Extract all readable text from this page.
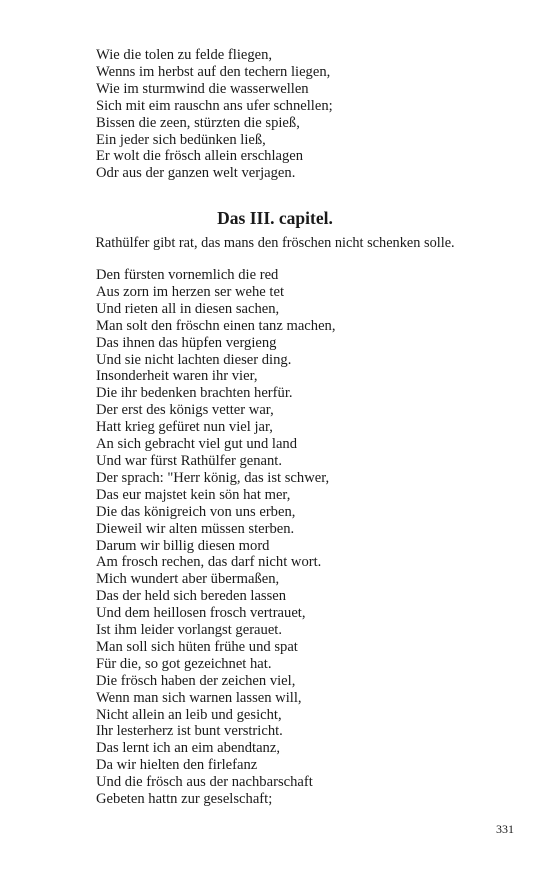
Wie die tolen zu felde fliegen,
Wenns im herbst auf den techern liegen,
Wie im sturmwind die wasserwellen
Sich mit eim rauschn ans ufer schnellen;
Bissen die zeen, stürzten die spieß,
Ein jeder sich bedünken ließ,
Er wolt die frösch allein erschlagen
Odr aus der ganzen welt verjagen.
Das III. capitel.
Rathülfer gibt rat, das mans den fröschen nicht schenken solle.
Den fürsten vornemlich die red
Aus zorn im herzen ser wehe tet
Und rieten all in diesen sachen,
Man solt den fröschn einen tanz machen,
Das ihnen das hüpfen vergieng
Und sie nicht lachten dieser ding.
Insonderheit waren ihr vier,
Die ihr bedenken brachten herfür.
Der erst des königs vetter war,
Hatt krieg gefüret nun viel jar,
An sich gebracht viel gut und land
Und war fürst Rathülfer genant.
Der sprach: "Herr könig, das ist schwer,
Das eur majstet kein sön hat mer,
Die das königreich von uns erben,
Dieweil wir alten müssen sterben.
Darum wir billig diesen mord
Am frosch rechen, das darf nicht wort.
Mich wundert aber übermaßen,
Das der held sich bereden lassen
Und dem heillosen frosch vertrauet,
Ist ihm leider vorlangst gerauet.
Man soll sich hüten frühe und spat
Für die, so got gezeichnet hat.
Die frösch haben der zeichen viel,
Wenn man sich warnen lassen will,
Nicht allein an leib und gesicht,
Ihr lesterherz ist bunt verstricht.
Das lernt ich an eim abendtanz,
Da wir hielten den firlefanz
Und die frösch aus der nachbarschaft
Gebeten hattn zur geselschaft;
331
